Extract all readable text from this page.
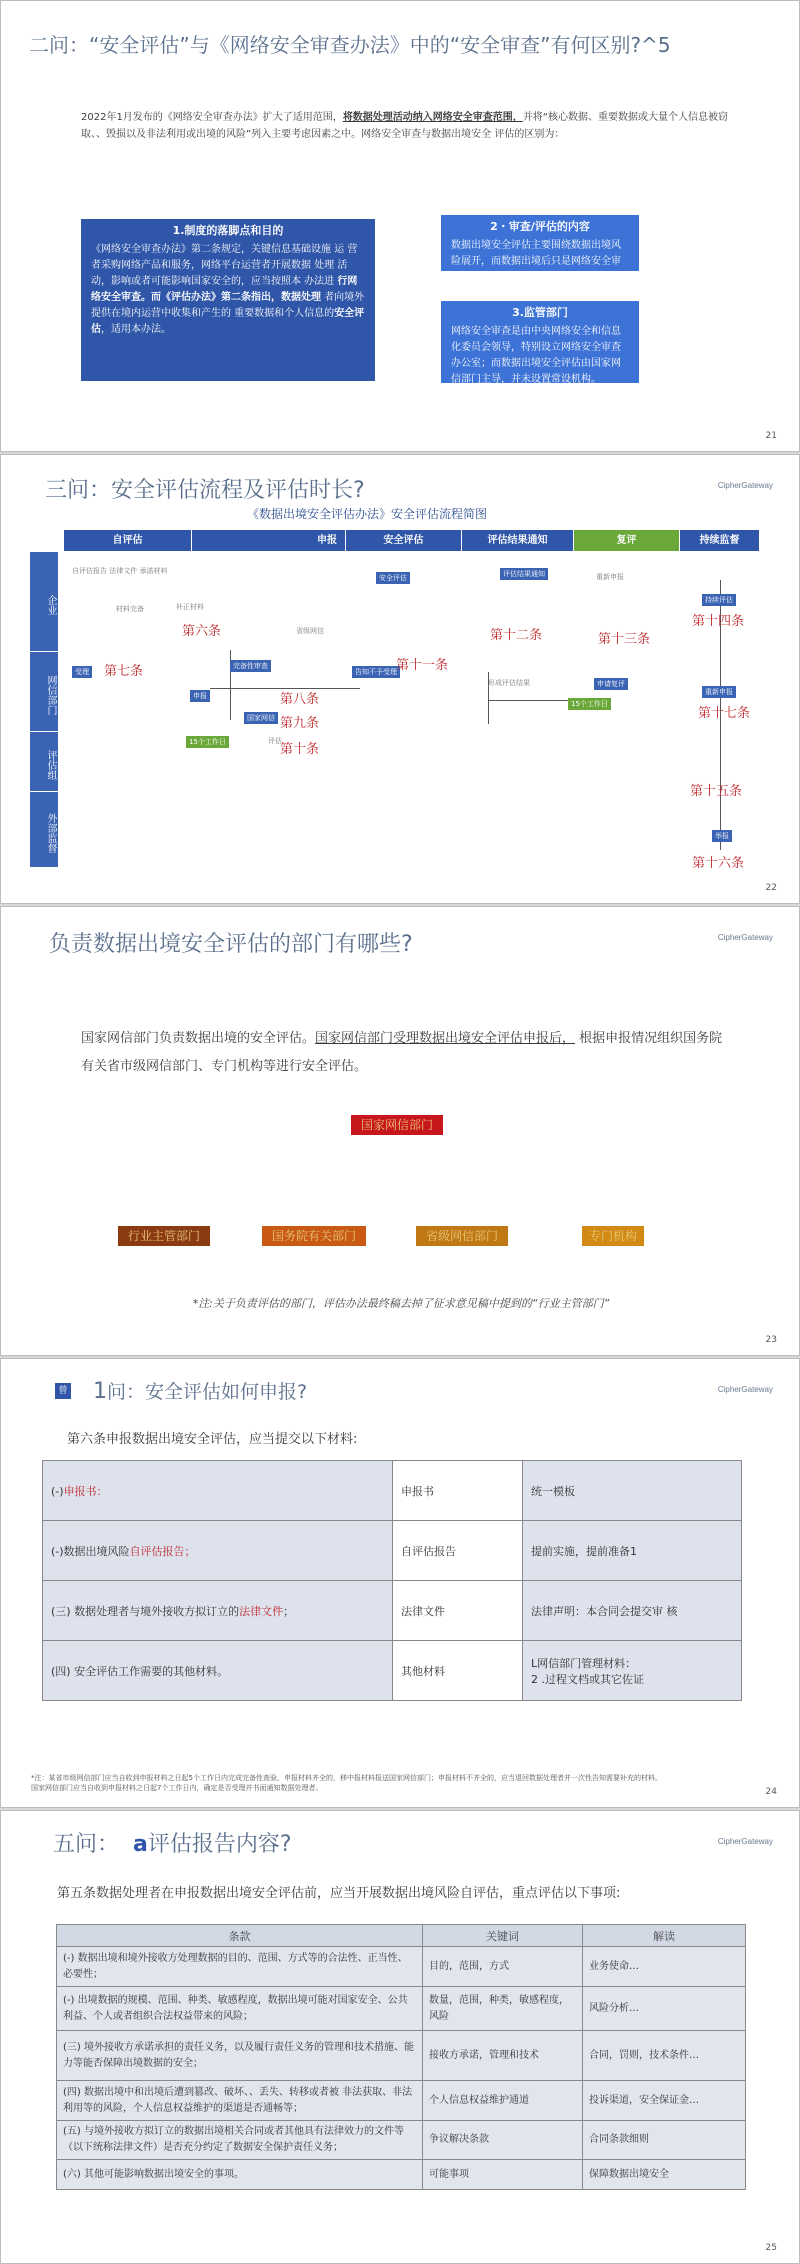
二问：“安全评估”与《网络安全审查办法》中的“安全审查”有何区别?^5
2022年1月发布的《网络安全审查办法》扩大了适用范围，将数据处理活动纳入网络安全审查范围，并将“核心数据、重要数据或大量个人信息被窃取、、毁损以及非法利用或出境的风险”列入主要考虑因素之中。网络安全审查与数据出境安全 评估的区别为：
1.制度的落脚点和目的
《网络安全审查办法》第二条规定，关键信息基础设施 运 营者采购网络产品和服务，网络平台运营者开展数据 处理 活动，影响或者可能影响国家安全的，应当按照本 办法进 行网络安全审查。而《评估办法》第二条指出，数据处理 者向境外提供在境内运营中收集和产生的 重要数据和个人信息的安全评估，适用本办法。
2・审查/评估的内容
数据出境安全评估主要围绕数据出境风险展开，而数据出境后只是网络安全审查的部分内容
3.监管部门
网络安全审查是由中央网络安全和信息化委员会领导，特别设立网络安全审查办公室；而数据出境安全评估由国家网信部门主导，并未设置常设机构。
21
CipherGateway
三问：安全评估流程及评估时长?
《数据出境安全评估办法》安全评估流程简图
22
自评估	申报	安全评估	评估结果通知	复评	持续监督
企业
网信部门
评估组
外部监督
自评估报告 法律文件 承诺材料
材料完备
受理
补正材料
完备性审查
申报
省级网信
国家网信
评估
告知不予受理
安全评估	评估结果通知	重新申报
形成评估结果	申请复评
15个工作日
持续评估
重新申报
举报
15个工作日
第六条
第七条
第八条
第九条
第十条
第十一条
第十二条	第十三条
第十四条
第十七条
第十五条
第十六条
CipherGateway
负责数据出境安全评估的部门有哪些?
国家网信部门负责数据出境的安全评估。国家网信部门受理数据出境安全评估申报后， 根据申报情况组织国务院有关省市级网信部门、专门机构等进行安全评估。
国家网信部门
*注:关于负责评估的部门，评估办法最终稿去掉了征求意见稿中提到的“行业主管部门”
23
行业主管部门	国务院有关部门	省级网信部门	专门机构
CipherGateway
曾 1问：安全评估如何申报?
第六条申报数据出境安全评估，应当提交以下材料:
*注：某省市级网信部门应当自收到申报材料之日起5个工作日内完成完备性查验，申报材料齐全的，移中报材料报送国家网信部门；申报材料不齐全的，应当退回数据处理者并一次性告知需要补充的材料。
国家网信部门应当自收到申报材料之日起7个工作日内，确定是否受理并书面通知数据处理者。	24
(-)申报书：	申报书	统一模板
(-)数据出境风险自评估报告；	自评估报告	提前实施，提前准备1
(三) 数据处理者与境外接收方拟订立的法律文件；	法律文件	法律声明：本合同会提交审 核
(四) 安全评估工作需要的其他材料。	其他材料	L网信部门管理材料：
2 .过程文档或其它佐证
CipherGateway
五问： a评估报告内容?
第五条数据处理者在申报数据出境安全评估前，应当开展数据出境风险自评估，重点评估以下事项:
25
条款	关键词	解读
(-) 数据出境和境外接收方处理数据的目的、范围、方式等的合法性、正当性、必要性；	目的，范围，方式	业务使命…
(-) 出境数据的规模、范围、种类、敏感程度，数据出境可能对国家安全、公共利益、个人或者组织合法权益带来的风险；	数量，范围，种类，敏感程度， 风险	风险分析…
(三) 境外接收方承诺承担的责任义务，以及履行责任义务的管理和技术措施、能力等能否保障出境数据的安全；	接收方承诺，管理和技术	合同，罚则，技术条件…
(四) 数据出境中和出境后遭到篡改、破坏、、丢失、转移或者被 非法获取、非法利用等的风险，个人信息权益维护的渠道是否通畅等；	个人信息权益维护通道	投诉渠道，安全保证金…
(五) 与境外接收方拟订立的数据出境相关合同或者其他具有法律效力的文件等（以下统称法律文件）是否充分约定了数据安全保护责任义务；	争议解决条款	合同条款细则
(六) 其他可能影响数据出境安全的事项。	可能事项	保障数据出境安全
